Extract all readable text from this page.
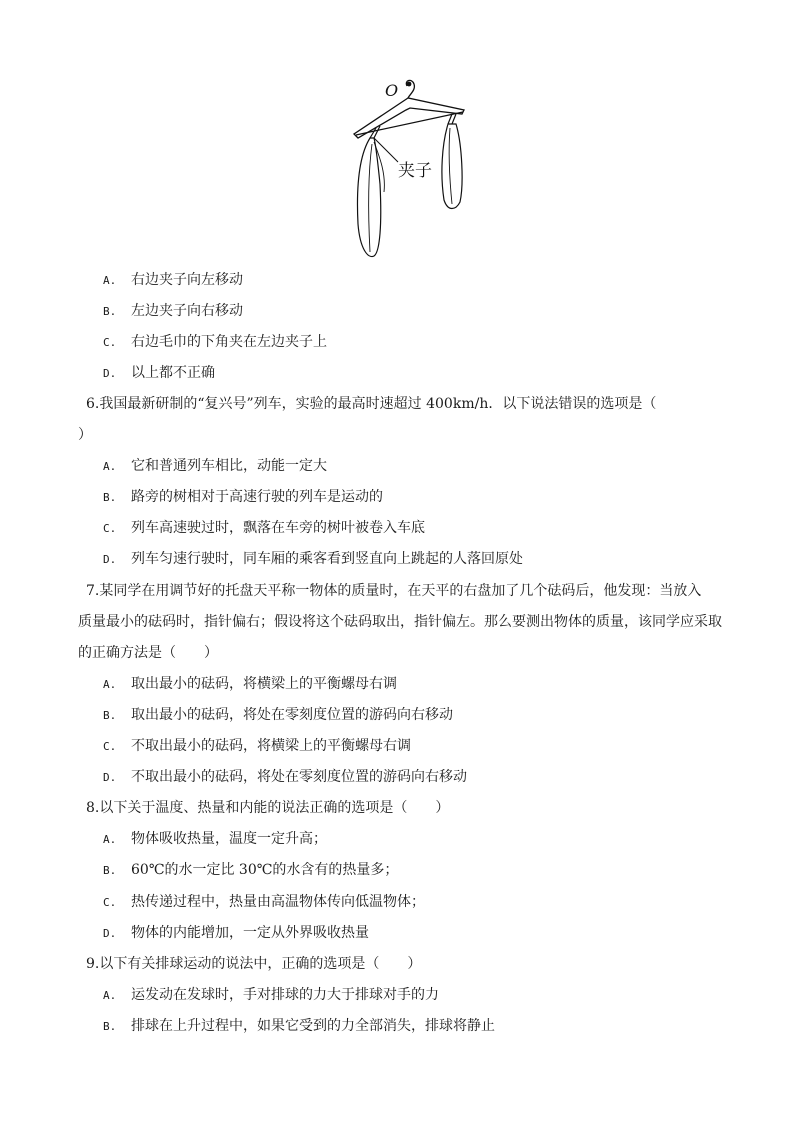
O
夹子
A. 右边夹子向左移动
B. 左边夹子向右移动
C. 右边毛巾的下角夹在左边夹子上
D. 以上都不正确
6.我国最新研制的“复兴号”列车，实验的最高时速超过 400km/h．以下说法错误的选项是（
）
A. 它和普通列车相比，动能一定大
B. 路旁的树相对于高速行驶的列车是运动的
C. 列车高速驶过时，飘落在车旁的树叶被卷入车底
D. 列车匀速行驶时，同车厢的乘客看到竖直向上跳起的人落回原处
7.某同学在用调节好的托盘天平称一物体的质量时，在天平的右盘加了几个砝码后，他发现：当放入
质量最小的砝码时，指针偏右；假设将这个砝码取出，指针偏左。那么要测出物体的质量，该同学应采取
的正确方法是（　　）
A. 取出最小的砝码，将横梁上的平衡螺母右调
B. 取出最小的砝码，将处在零刻度位置的游码向右移动
C. 不取出最小的砝码，将横梁上的平衡螺母右调
D. 不取出最小的砝码，将处在零刻度位置的游码向右移动
8.以下关于温度、热量和内能的说法正确的选项是（　　）
A. 物体吸收热量，温度一定升高；
B. 60℃的水一定比 30℃的水含有的热量多；
C. 热传递过程中，热量由高温物体传向低温物体；
D. 物体的内能增加，一定从外界吸收热量
9.以下有关排球运动的说法中，正确的选项是（　　）
A. 运发动在发球时，手对排球的力大于排球对手的力
B. 排球在上升过程中，如果它受到的力全部消失，排球将静止
